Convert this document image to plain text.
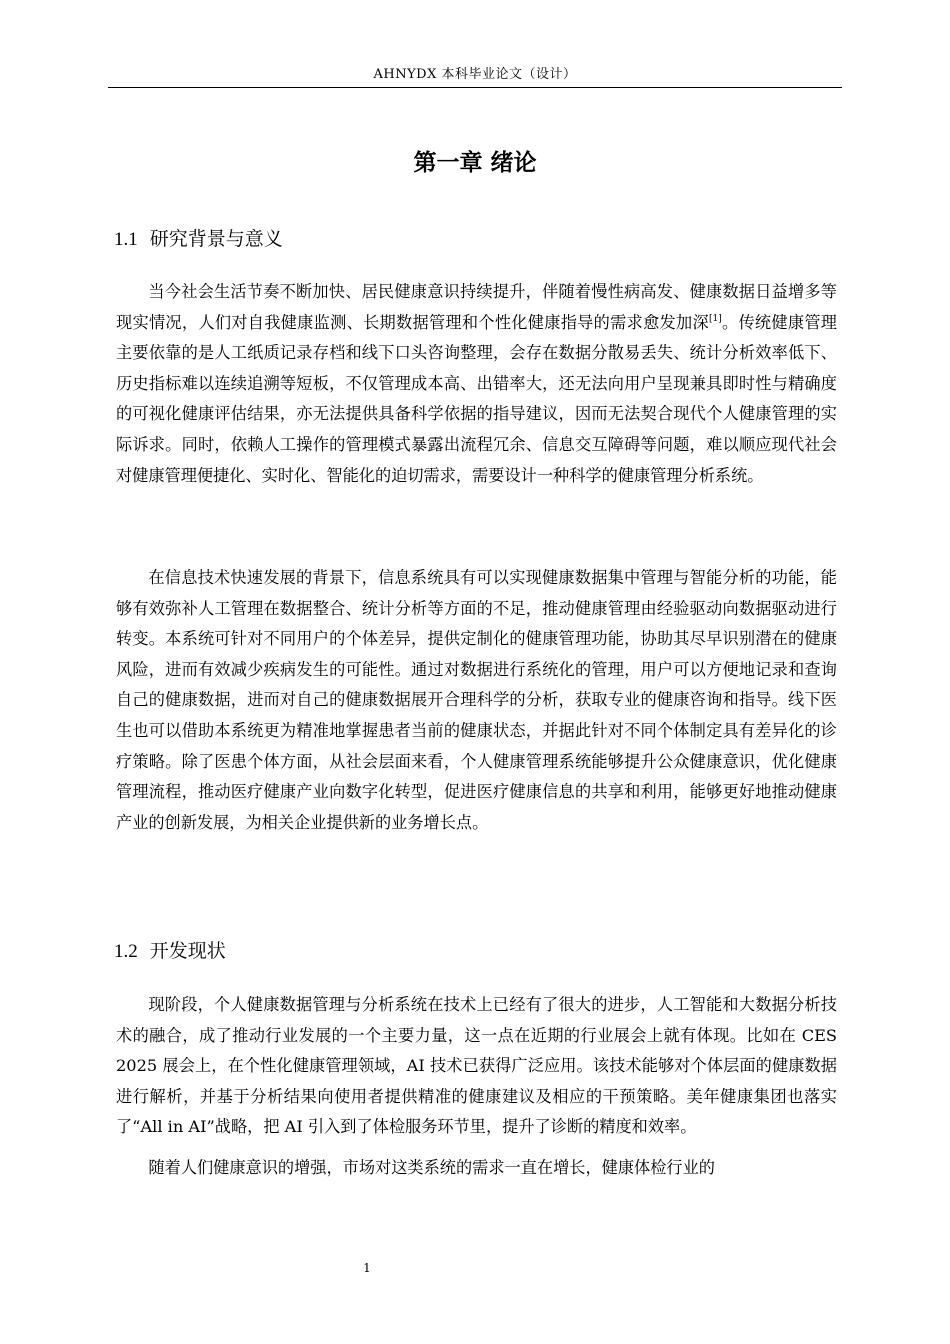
AHNYDX 本科毕业论文（设计）
第一章 绪论
1.1 研究背景与意义

当今社会生活节奏不断加快、居民健康意识持续提升，伴随着慢性病高发、健康数据日益增多等现实情况，人们对自我健康监测、长期数据管理和个性化健康指导的需求愈发加深[1]。传统健康管理主要依靠的是人工纸质记录存档和线下口头咨询整理，会存在数据分散易丢失、统计分析效率低下、历史指标难以连续追溯等短板，不仅管理成本高、出错率大，还无法向用户呈现兼具即时性与精确度的可视化健康评估结果，亦无法提供具备科学依据的指导建议，因而无法契合现代个人健康管理的实际诉求。同时，依赖人工操作的管理模式暴露出流程冗余、信息交互障碍等问题，难以顺应现代社会对健康管理便捷化、实时化、智能化的迫切需求，需要设计一种科学的健康管理分析系统。

在信息技术快速发展的背景下，信息系统具有可以实现健康数据集中管理与智能分析的功能，能够有效弥补人工管理在数据整合、统计分析等方面的不足，推动健康管理由经验驱动向数据驱动进行转变。本系统可针对不同用户的个体差异，提供定制化的健康管理功能，协助其尽早识别潜在的健康风险，进而有效减少疾病发生的可能性。通过对数据进行系统化的管理，用户可以方便地记录和查询自己的健康数据，进而对自己的健康数据展开合理科学的分析，获取专业的健康咨询和指导。线下医生也可以借助本系统更为精准地掌握患者当前的健康状态，并据此针对不同个体制定具有差异化的诊疗策略。除了医患个体方面，从社会层面来看，个人健康管理系统能够提升公众健康意识，优化健康管理流程，推动医疗健康产业向数字化转型，促进医疗健康信息的共享和利用，能够更好地推动健康产业的创新发展，为相关企业提供新的业务增长点。

1.2 开发现状

现阶段，个人健康数据管理与分析系统在技术上已经有了很大的进步，人工智能和大数据分析技术的融合，成了推动行业发展的一个主要力量，这一点在近期的行业展会上就有体现。比如在 CES 2025 展会上，在个性化健康管理领域，AI 技术已获得广泛应用。该技术能够对个体层面的健康数据进行解析，并基于分析结果向使用者提供精准的健康建议及相应的干预策略。美年健康集团也落实了“All in AI”战略，把 AI 引入到了体检服务环节里，提升了诊断的精度和效率。

随着人们健康意识的增强，市场对这类系统的需求一直在增长，健康体检行业的

1
